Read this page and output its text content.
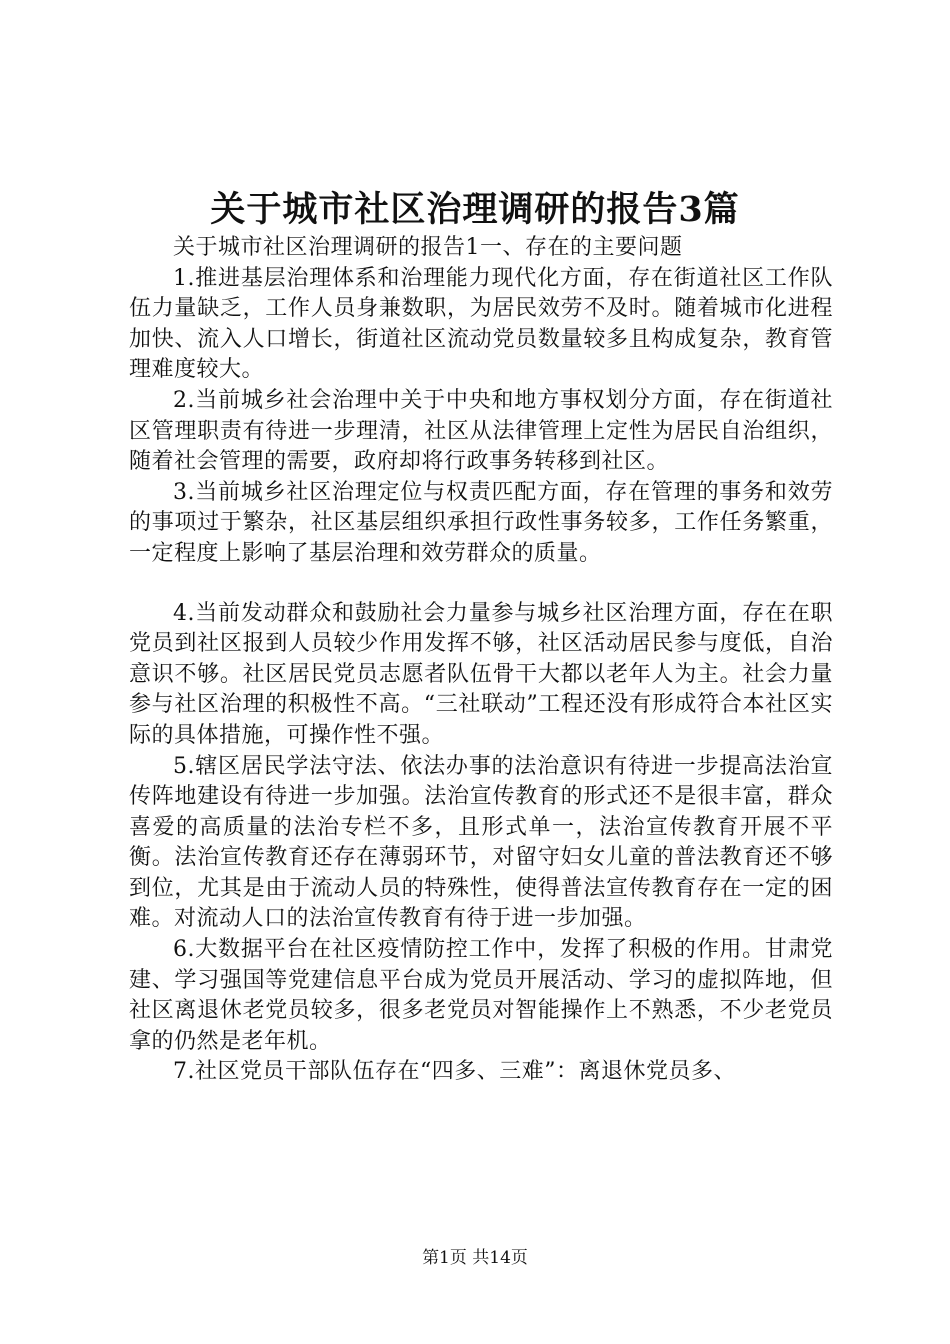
关于城市社区治理调研的报告3篇

关于城市社区治理调研的报告1一、存在的主要问题

1.推进基层治理体系和治理能力现代化方面，存在街道社区工作队伍力量缺乏，工作人员身兼数职，为居民效劳不及时。随着城市化进程加快、流入人口增长，街道社区流动党员数量较多且构成复杂，教育管理难度较大。

2.当前城乡社会治理中关于中央和地方事权划分方面，存在街道社区管理职责有待进一步理清，社区从法律管理上定性为居民自治组织，随着社会管理的需要，政府却将行政事务转移到社区。

3.当前城乡社区治理定位与权责匹配方面，存在管理的事务和效劳的事项过于繁杂，社区基层组织承担行政性事务较多，工作任务繁重，一定程度上影响了基层治理和效劳群众的质量。

4.当前发动群众和鼓励社会力量参与城乡社区治理方面，存在在职党员到社区报到人员较少作用发挥不够，社区活动居民参与度低，自治意识不够。社区居民党员志愿者队伍骨干大都以老年人为主。社会力量参与社区治理的积极性不高。“三社联动”工程还没有形成符合本社区实际的具体措施，可操作性不强。

5.辖区居民学法守法、依法办事的法治意识有待进一步提高法治宣传阵地建设有待进一步加强。法治宣传教育的形式还不是很丰富，群众喜爱的高质量的法治专栏不多，且形式单一，法治宣传教育开展不平衡。法治宣传教育还存在薄弱环节，对留守妇女儿童的普法教育还不够到位，尤其是由于流动人员的特殊性，使得普法宣传教育存在一定的困难。对流动人口的法治宣传教育有待于进一步加强。

6.大数据平台在社区疫情防控工作中，发挥了积极的作用。甘肃党建、学习强国等党建信息平台成为党员开展活动、学习的虚拟阵地，但社区离退休老党员较多，很多老党员对智能操作上不熟悉，不少老党员拿的仍然是老年机。

7.社区党员干部队伍存在“四多、三难”：离退休党员多、

第1页 共14页
